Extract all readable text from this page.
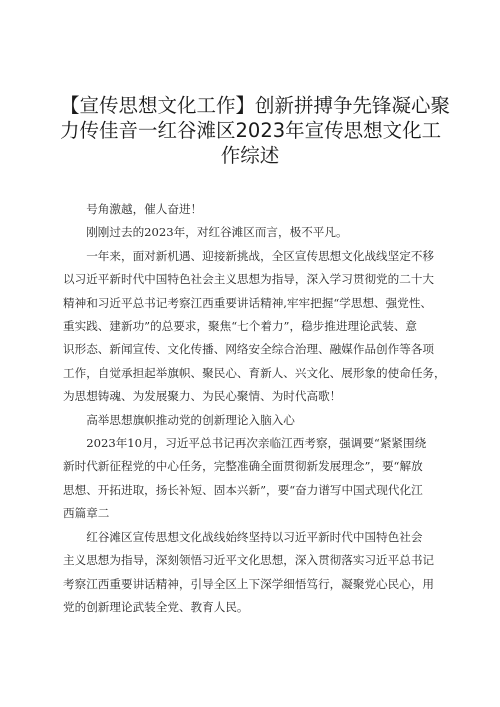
【宣传思想文化工作】创新拼搏争先锋凝心聚
力传佳音一红谷滩区2023年宣传思想文化工
作综述

号角激越，催人奋进！

刚刚过去的2023年，对红谷滩区而言，极不平凡。

一年来，面对新机遇、迎接新挑战，全区宣传思想文化战线坚定不移
以习近平新时代中国特色社会主义思想为指导，深入学习贯彻党的二十大
精神和习近平总书记考察江西重要讲话精神,牢牢把握“学思想、强党性、
重实践、建新功”的总要求，聚焦“七个着力”，稳步推进理论武装、意
识形态、新闻宣传、文化传播、网络安全综合治理、融媒作品创作等各项
工作，自觉承担起举旗帜、聚民心、育新人、兴文化、展形象的使命任务，
为思想铸魂、为发展聚力、为民心聚情、为时代高歌！

高举思想旗帜推动党的创新理论入脑入心

2023年10月，习近平总书记再次亲临江西考察，强调要“紧紧围绕
新时代新征程党的中心任务，完整准确全面贯彻新发展理念”，要“解放
思想、开拓进取，扬长补短、固本兴新”，要“奋力谱写中国式现代化江
西篇章二

红谷滩区宣传思想文化战线始终坚持以习近平新时代中国特色社会
主义思想为指导，深刻领悟习近平文化思想，深入贯彻落实习近平总书记
考察江西重要讲话精神，引导全区上下深学细悟笃行，凝聚党心民心，用
党的创新理论武装全党、教育人民。
